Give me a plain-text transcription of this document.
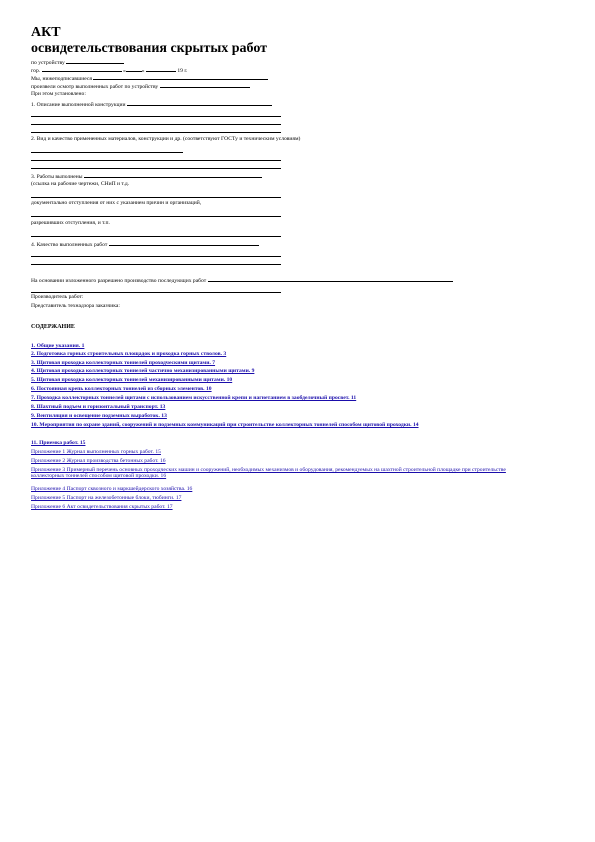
АКТ
освидетельствования скрытых работ
по устройству
гор.	«	»	19 г.
Мы, нижеподписавшиеся
произвели осмотр выполненных работ по устройству
При этом установлено:
1. Описание выполненной конструкции
2. Вид и качество примененных материалов, конструкции и др. (соответствуют ГОСТу и техническим условиям)
3. Работы выполнены
(ссылка на рабочие чертежи, СНиП и т.д.
документально отступления от них с указанием причин и организаций,
разрешивших отступления, и т.п.
4. Качество выполненных работ
На основании изложенного разрешено производство последующих работ
Производитель работ:
Представитель технадзора заказчика:
СОДЕРЖАНИЕ
1. Общие указания. 1
2. Подготовка горных строительных площадок и проходка горных стволов. 3
3. Щитовая проходка коллекторных тоннелей проходческими щитами. 7
4. Щитовая проходка коллекторных тоннелей частично механизированными щитами. 9
5. Щитовая проходка коллекторных тоннелей механизированными щитами. 10
6. Постоянная крепь коллекторных тоннелей из сборных элементов. 10
7. Проходка коллекторных тоннелей щитами с использованием искусственной крепи и нагнетанием в заобделочный просвет. 11
8. Шахтный подъем и горизонтальный транспорт. 13
9. Вентиляция и освещение подземных выработок. 13
10. Мероприятия по охране зданий, сооружений и подземных коммуникаций при строительстве коллекторных тоннелей способом щитовой проходки. 14
11. Приемка работ. 15
Приложение 1 Журнал выполненных горных работ. 15
Приложение 2 Журнал производства бетонных работ. 16
Приложение 3 Примерный перечень основных проходческих машин и сооружений, необходимых механизмов и оборудования, рекомендуемых на шахтной строительной площадке при строительстве коллекторных тоннелей способом щитовой проходки. 16
Приложение 4 Паспорт сквозного и маркшейдерского хозяйства. 16
Приложение 5 Паспорт на железобетонные блоки, тюбинги. 17
Приложение 6 Акт освидетельствования скрытых работ. 17
